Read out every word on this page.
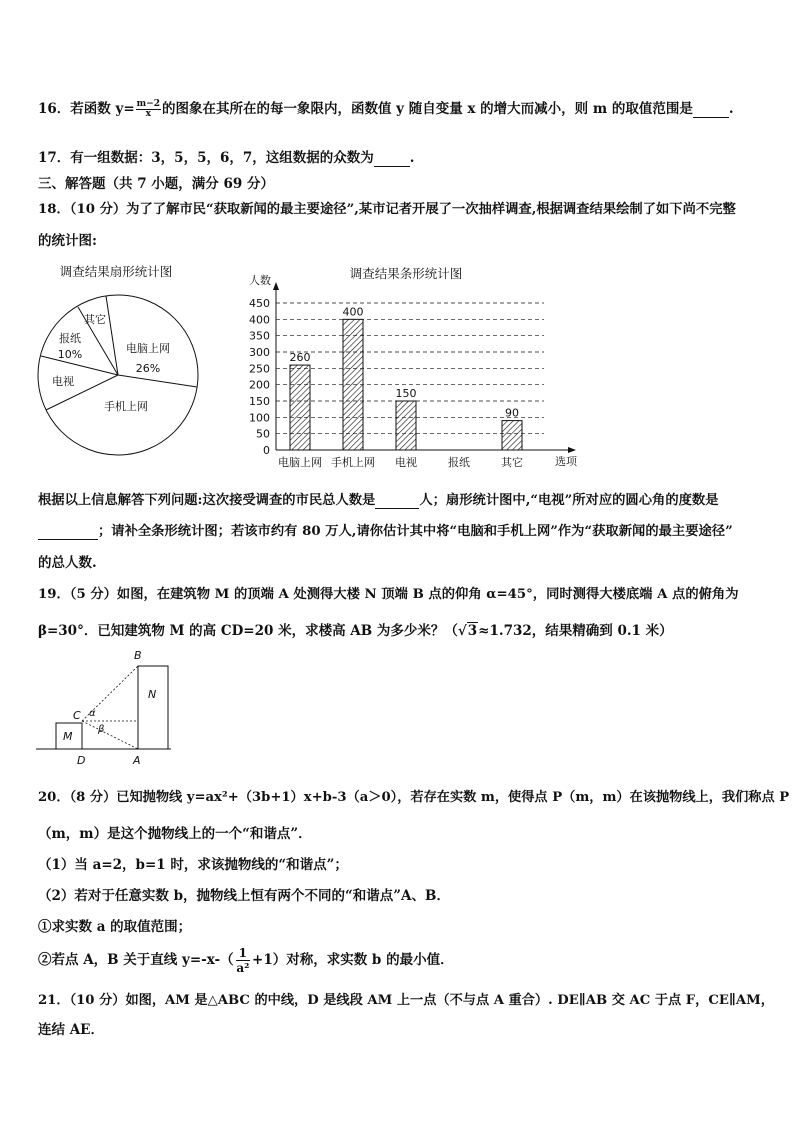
16．若函数 $y= \frac{m-2}{x}$ 的图象在其所在的每一象限内，函数值 y 随自变量 x 的增大而减小，则 m 的取值范围是	.
17．有一组数据：3，5，5，6，7，这组数据的众数为	.
三、解答题（共 7 小题，满分 69 分）
18．（10 分）为了了解市民“获取新闻的最主要途径”,某市记者开展了一次抽样调查,根据调查结果绘制了如下尚不完整
的统计图:
调查结果扇形统计图
电脑上网
26%
手机上网
电视
报纸
10%
其它
调查结果条形统计图
人数
0
50
100
150
200
250
300
350
400
450
260
400
150
90
电脑上网 手机上网 电视	报纸	其它	选项
根据以上信息解答下列问题:这次接受调查的市民总人数是	人；扇形统计图中,“电视”所对应的圆心角的度数是
；请补全条形统计图；若该市约有 80 万人,请你估计其中将“电脑和手机上网”作为“获取新闻的最主要途径”
的总人数.
19．（5 分）如图，在建筑物 M 的顶端 A 处测得大楼 N 顶端 B 点的仰角 α=45°，同时测得大楼底端 A 点的俯角为
β=30°．已知建筑物 M 的高 CD=20 米，求楼高 AB 为多少米？（√3≈1.732，结果精确到 0.1 米）
B
N
C α
β
M
D	A
20．（8 分）已知抛物线 y=ax²+（3b+1）x+b-3（a＞0），若存在实数 m，使得点 P（m，m）在该抛物线上，我们称点 P
（m，m）是这个抛物线上的一个“和谐点”．
（1）当 a=2，b=1 时，求该抛物线的“和谐点”；
（2）若对于任意实数 b，抛物线上恒有两个不同的“和谐点”A、B．
①求实数 a 的取值范围；
②若点 A，B 关于直线 $y=-x-( \frac{1}{\text{a²}} +1)$对称，求实数 b 的最小值．
21．（10 分）如图，AM 是△ABC 的中线，D 是线段 AM 上一点（不与点 A 重合）. DE∥AB 交 AC 于点 F，CE∥AM，
连结 AE．
